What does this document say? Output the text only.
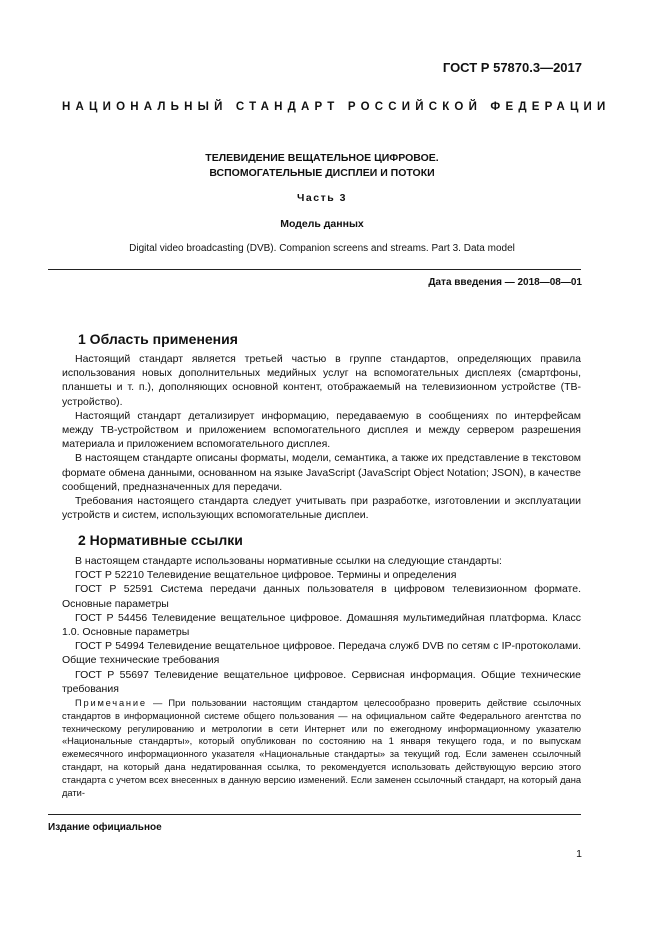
ГОСТ Р 57870.3—2017
НАЦИОНАЛЬНЫЙ СТАНДАРТ РОССИЙСКОЙ ФЕДЕРАЦИИ
ТЕЛЕВИДЕНИЕ ВЕЩАТЕЛЬНОЕ ЦИФРОВОЕ.
ВСПОМОГАТЕЛЬНЫЕ ДИСПЛЕИ И ПОТОКИ
Часть 3
Модель данных
Digital video broadcasting (DVB). Companion screens and streams. Part 3. Data model
Дата введения — 2018—08—01
1 Область применения

Настоящий стандарт является третьей частью в группе стандартов, определяющих правила использования новых дополнительных медийных услуг на вспомогательных дисплеях (смартфоны, планшеты и т. п.), дополняющих основной контент, отображаемый на телевизионном устройстве (ТВ-устройство).

Настоящий стандарт детализирует информацию, передаваемую в сообщениях по интерфейсам между ТВ-устройством и приложением вспомогательного дисплея и между сервером разрешения материала и приложением вспомогательного дисплея.

В настоящем стандарте описаны форматы, модели, семантика, а также их представление в текстовом формате обмена данными, основанном на языке JavaScript (JavaScript Object Notation; JSON), в качестве сообщений, предназначенных для передачи.

Требования настоящего стандарта следует учитывать при разработке, изготовлении и эксплуатации устройств и систем, использующих вспомогательные дисплеи.

2 Нормативные ссылки

В настоящем стандарте использованы нормативные ссылки на следующие стандарты:

ГОСТ Р 52210 Телевидение вещательное цифровое. Термины и определения

ГОСТ Р 52591 Система передачи данных пользователя в цифровом телевизионном формате. Основные параметры

ГОСТ Р 54456 Телевидение вещательное цифровое. Домашняя мультимедийная платформа. Класс 1.0. Основные параметры

ГОСТ Р 54994 Телевидение вещательное цифровое. Передача служб DVB по сетям с IP-протоколами. Общие технические требования

ГОСТ Р 55697 Телевидение вещательное цифровое. Сервисная информация. Общие технические требования

Примечание — При пользовании настоящим стандартом целесообразно проверить действие ссылочных стандартов в информационной системе общего пользования — на официальном сайте Федерального агентства по техническому регулированию и метрологии в сети Интернет или по ежегодному информационному указателю «Национальные стандарты», который опубликован по состоянию на 1 января текущего года, и по выпускам ежемесячного информационного указателя «Национальные стандарты» за текущий год. Если заменен ссылочный стандарт, на который дана недатированная ссылка, то рекомендуется использовать действующую версию этого стандарта с учетом всех внесенных в данную версию изменений. Если заменен ссылочный стандарт, на который дана дати-

Издание официальное
1
